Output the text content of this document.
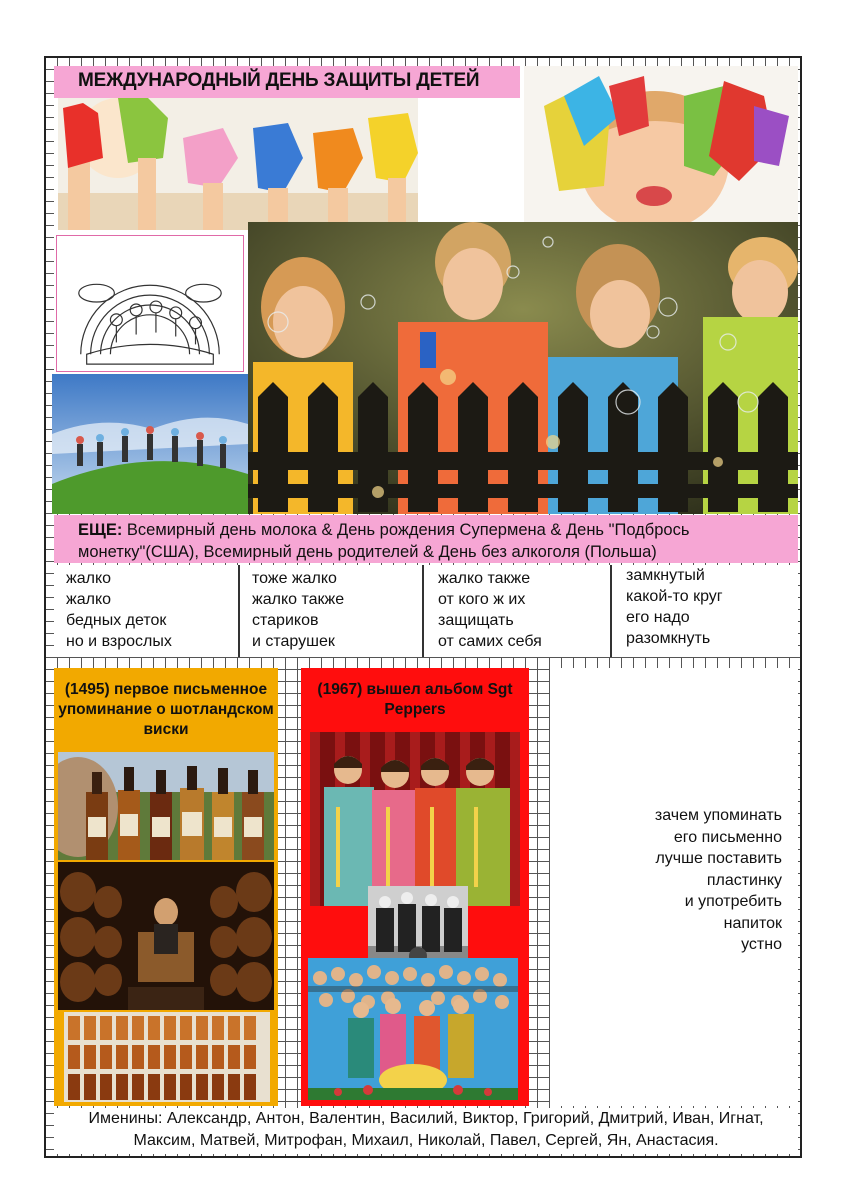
МЕЖДУНАРОДНЫЙ ДЕНЬ ЗАЩИТЫ ДЕТЕЙ
ЕЩЕ: Всемирный день молока & День рождения Супермена & День "Подбрось
монетку"(США), Всемирный день родителей & День без алкоголя (Польша)
жалко
жалко
бедных деток
но и взрослых
тоже жалко
жалко также
стариков
и старушек
жалко также
от кого ж их
защищать
от самих себя
замкнутый
какой-то круг
его надо
разомкнуть
(1495) первое письменное
упоминание о шотландском
виски
(1967) вышел альбом Sgt
Peppers
зачем упоминать
его письменно
лучше поставить
пластинку
и употребить
напиток
устно
Именины: Александр, Антон, Валентин, Василий, Виктор, Григорий, Дмитрий, Иван, Игнат,
Максим, Матвей, Митрофан, Михаил, Николай, Павел, Сергей, Ян, Анастасия.
